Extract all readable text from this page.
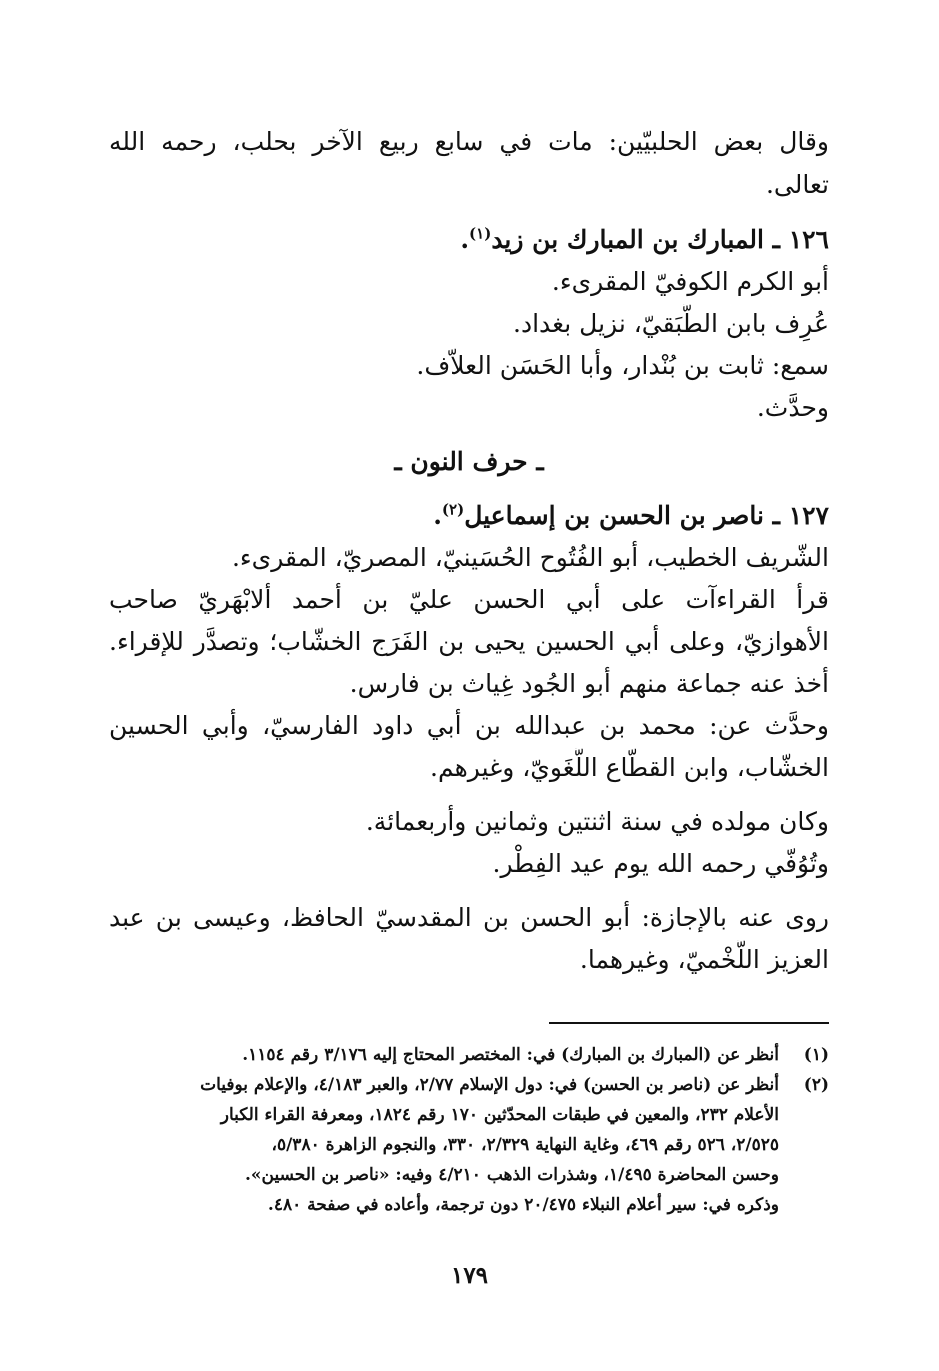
وقال بعض الحلبيّين: مات في سابع ربيع الآخر بحلب، رحمه الله
تعالى.
١٢٦ ـ المبارك بن المبارك بن زيد$^{(١)}$.
أبو الكرم الكوفيّ المقرىء.
عُرِف بابن الطَّبَقيّ، نزيل بغداد.
سمع: ثابت بن بُنْدار، وأبا الحَسَن العلاّف.
وحدَّث.
ـ حرف النون ـ
١٢٧ ـ ناصر بن الحسن بن إسماعيل$^{(٢)}$.
الشّريف الخطيب، أبو الفُتُوح الحُسَينيّ، المصريّ، المقرىء.
قرأ القراءآت على أبي الحسن عليّ بن أحمد ألابْهَريّ صاحب
الأهوازيّ، وعلى أبي الحسين يحيى بن الفَرَج الخشّاب؛ وتصدَّر للإقراء.
أخذ عنه جماعة منهم أبو الجُود غِياث بن فارس.
وحدَّث عن: محمد بن عبدالله بن أبي داود الفارسيّ، وأبي الحسين
الخشّاب، وابن القطّاع اللُّغَويّ، وغيرهم.
وكان مولده في سنة اثنتين وثمانين وأربعمائة.
وتُوُفّي رحمه الله يوم عيد الفِطْر.
روى عنه بالإجازة: أبو الحسن بن المقدسيّ الحافظ، وعيسى بن عبد
العزيز اللَّخْميّ، وغيرهما.
(١)أنظر عن (المبارك بن المبارك) في: المختصر المحتاج إليه ٣/١٧٦ رقم ١١٥٤.
(٢)أنظر عن (ناصر بن الحسن) في: دول الإسلام ٢/٧٧، والعبر ٤/١٨٣، والإعلام بوفيات
الأعلام ٢٣٢، والمعين في طبقات المحدّثين ١٧٠ رقم ١٨٢٤، ومعرفة القراء الكبار
٢/٥٢٥، ٥٢٦ رقم ٤٦٩، وغاية النهاية ٢/٣٢٩، ٣٣٠، والنجوم الزاهرة ٥/٣٨٠،
وحسن المحاضرة ١/٤٩٥، وشذرات الذهب ٤/٢١٠ وفيه: «ناصر بن الحسين».
وذكره في: سير أعلام النبلاء ٢٠/٤٧٥ دون ترجمة، وأعاده في صفحة ٤٨٠.
١٧٩
